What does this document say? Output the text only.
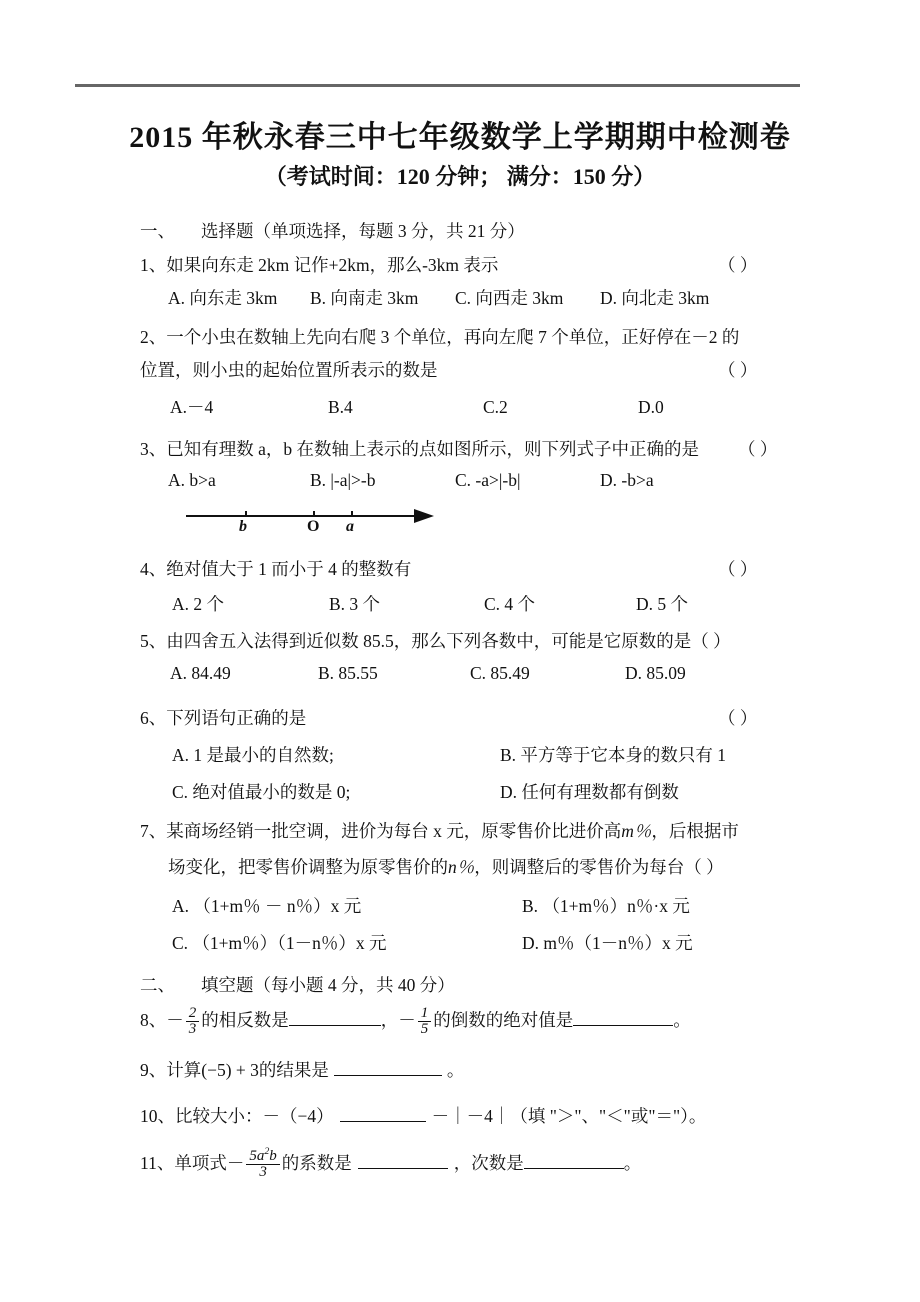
2015 年秋永春三中七年级数学上学期期中检测卷
（考试时间：120 分钟； 满分：150 分）
一、 选择题（单项选择，每题 3 分，共 21 分）
1、如果向东走 2km 记作+2km，那么-3km 表示	（ ）
A. 向东走 3km B. 向南走 3km C. 向西走 3km D. 向北走 3km
2、一个小虫在数轴上先向右爬 3 个单位，再向左爬 7 个单位，正好停在－2 的
位置，则小虫的起始位置所表示的数是	（ ）
A.－4	B.4	C.2	D.0
3、已知有理数 a，b 在数轴上表示的点如图所示，则下列式子中正确的是 （ ）
A. b>a	B. |-a|>-b	C. -a>|-b|	D. -b>a
b	O a
4、绝对值大于 1 而小于 4 的整数有	（ ）
A. 2 个	B. 3 个	C. 4 个	D. 5 个
5、由四舍五入法得到近似数 85.5，那么下列各数中，可能是它原数的是（ ）
A. 84.49	B. 85.55	C. 85.49	D. 85.09
6、下列语句正确的是	（ ）
A. 1 是最小的自然数;	B. 平方等于它本身的数只有 1
C. 绝对值最小的数是 0;	D. 任何有理数都有倒数
7、某商场经销一批空调，进价为每台 x 元，原零售价比进价高m％，后根据市
场变化，把零售价调整为原零售价的n％，则调整后的零售价为每台（ ）
A. （1+m％ － n％）x 元	B. （1+m％）n％·x 元
C. （1+m％）（1－n％）x 元	D. m％（1－n％）x 元
二、 填空题（每小题 4 分，共 40 分）
8、－ $\frac{2}{3}$ 的相反数是	，－ $\frac{1}{5}$ 的倒数的绝对值是	。
9、计算(−5) + 3的结果是	。
10、比较大小：－（−4）	－｜－4｜（填 "＞"、"＜"或"＝"）。
11、单项式－ $\frac{5a^2b}{3}$ 的系数是	，次数是	。
